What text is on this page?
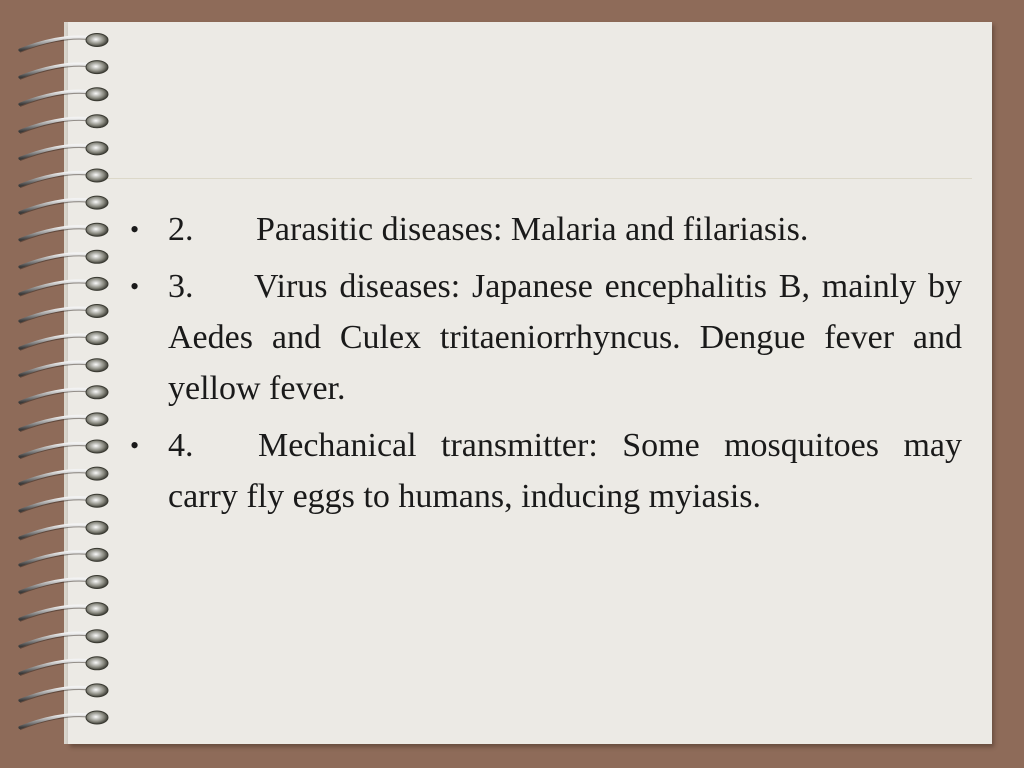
• 2. Parasitic diseases: Malaria and filariasis.
• 3. Virus diseases: Japanese encephalitis B, mainly by Aedes and Culex tritaeniorrhyncus. Dengue fever and yellow fever.
• 4. Mechanical transmitter: Some mosquitoes may carry fly eggs to humans, inducing myiasis.
